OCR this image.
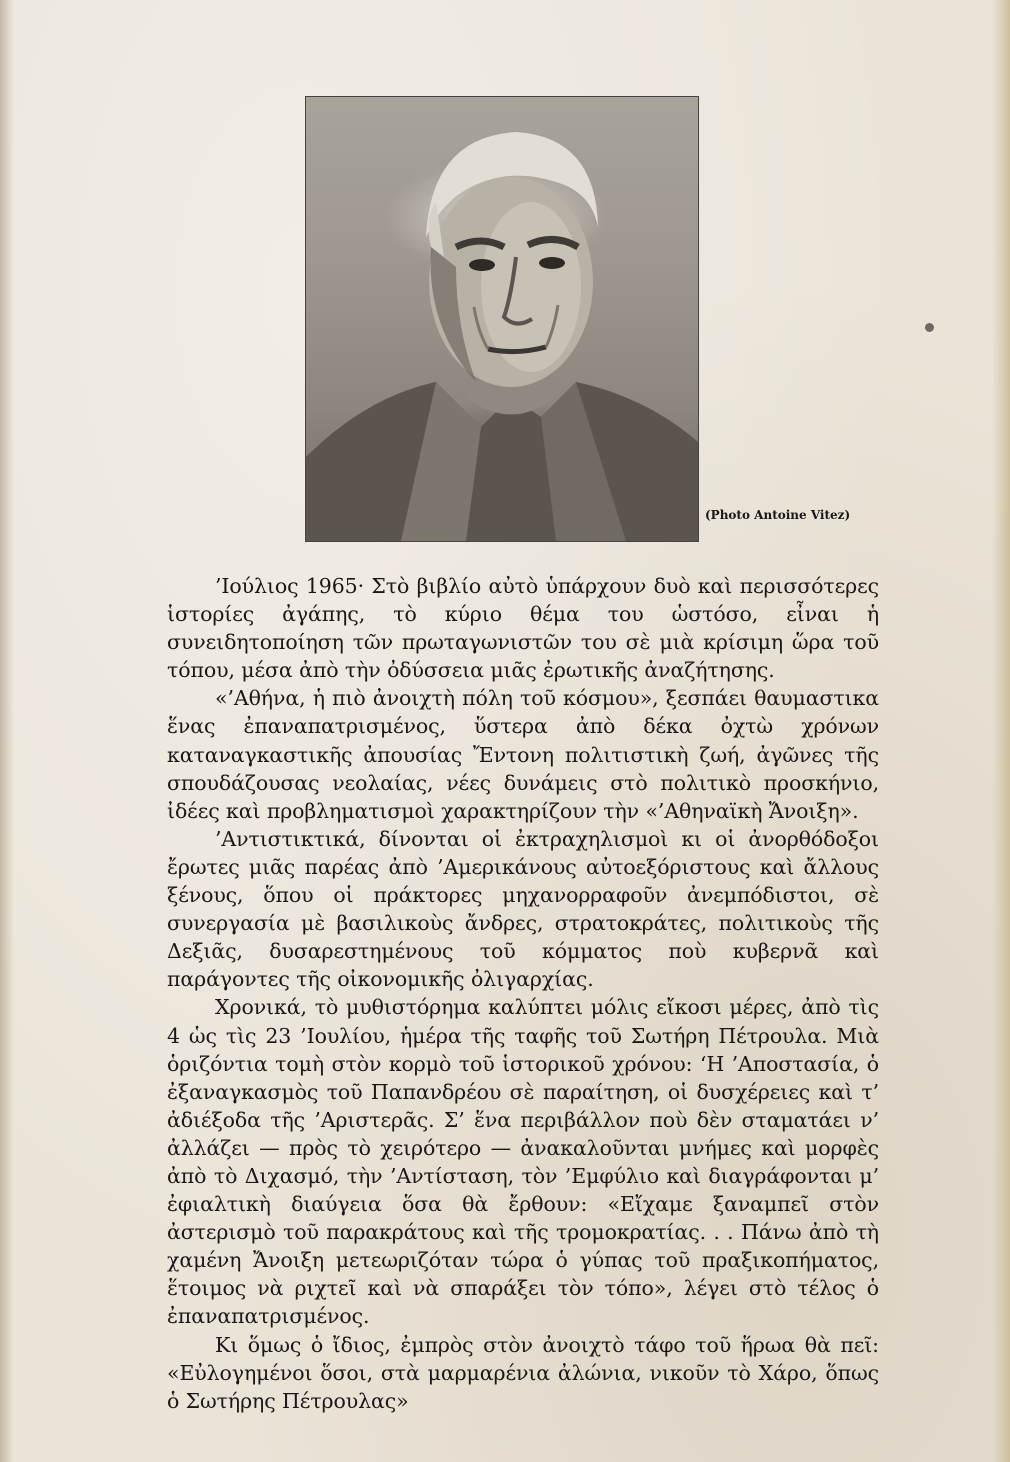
(Photo Antoine Vitez)

’Ιούλιος 1965· Στὸ βιβλίο αὐτὸ ὑπάρχουν δυὸ καὶ περισσότερες ἱστορίες ἀγάπης, τὸ κύριο θέμα του ὡστόσο, εἶναι ἡ συνειδητοποίηση τῶν πρωταγωνιστῶν του σὲ μιὰ κρίσιμη ὥρα τοῦ τόπου, μέσα ἀπὸ τὴν ὀδύσσεια μιᾶς ἐρωτικῆς ἀναζήτησης.

«’Αθήνα, ἡ πιὸ ἀνοιχτὴ πόλη τοῦ κόσμου», ξεσπάει θαυμαστικα ἕνας ἐπαναπατρισμένος, ὕστερα ἀπὸ δέκα ὀχτὼ χρόνων καταναγκαστικῆς ἀπουσίας Ἔντονη πολιτιστικὴ ζωή, ἀγῶνες τῆς σπουδάζουσας νεολαίας, νέες δυνάμεις στὸ πολιτικὸ προσκήνιο, ἰδέες καὶ προβληματισμοὶ χαρακτηρίζουν τὴν «’Αθηναϊκὴ Ἄνοιξη».

’Αντιστικτικά, δίνονται οἱ ἐκτραχηλισμοὶ κι οἱ ἀνορθόδοξοι ἔρωτες μιᾶς παρέας ἀπὸ ’Αμερικάνους αὐτοεξόριστους καὶ ἄλλους ξένους, ὅπου οἱ πράκτορες μηχανορραφοῦν ἀνεμπόδιστοι, σὲ συνεργασία μὲ βασιλικοὺς ἄνδρες, στρατοκράτες, πολιτικοὺς τῆς Δεξιᾶς, δυσαρεστημένους τοῦ κόμματος ποὺ κυβερνᾶ καὶ παράγοντες τῆς οἰκονομικῆς ὀλιγαρχίας.

Χρονικά, τὸ μυθιστόρημα καλύπτει μόλις εἴκοσι μέρες, ἀπὸ τὶς 4 ὡς τὶς 23 ’Ιουλίου, ἡμέρα τῆς ταφῆς τοῦ Σωτήρη Πέτρουλα. Μιὰ ὁριζόντια τομὴ στὸν κορμὸ τοῦ ἱστορικοῦ χρόνου: ‘Η ’Αποστασία, ὁ ἐξαναγκασμὸς τοῦ Παπανδρέου σὲ παραίτηση, οἱ δυσχέρειες καὶ τ’ ἀδιέξοδα τῆς ’Αριστερᾶς. Σ’ ἕνα περιβάλλον ποὺ δὲν σταματάει ν’ ἀλλάζει — πρὸς τὸ χειρότερο — ἀνακαλοῦνται μνήμες καὶ μορφὲς ἀπὸ τὸ Διχασμό, τὴν ’Αντίσταση, τὸν ’Εμφύλιο καὶ διαγράφονται μ’ ἐφιαλτικὴ διαύγεια ὅσα θὰ ἔρθουν: «Εἴχαμε ξαναμπεῖ στὸν ἀστερισμὸ τοῦ παρακράτους καὶ τῆς τρομοκρατίας. . . Πάνω ἀπὸ τὴ χαμένη Ἄνοιξη μετεωριζόταν τώρα ὁ γύπας τοῦ πραξικοπήματος, ἕτοιμος νὰ ριχτεῖ καὶ νὰ σπαράξει τὸν τόπο», λέγει στὸ τέλος ὁ ἐπαναπατρισμένος.

Κι ὅμως ὁ ἴδιος, ἐμπρὸς στὸν ἀνοιχτὸ τάφο τοῦ ἥρωα θὰ πεῖ: «Εὐλογημένοι ὅσοι, στὰ μαρμαρένια ἀλώνια, νικοῦν τὸ Χάρο, ὅπως ὁ Σωτήρης Πέτρουλας»
